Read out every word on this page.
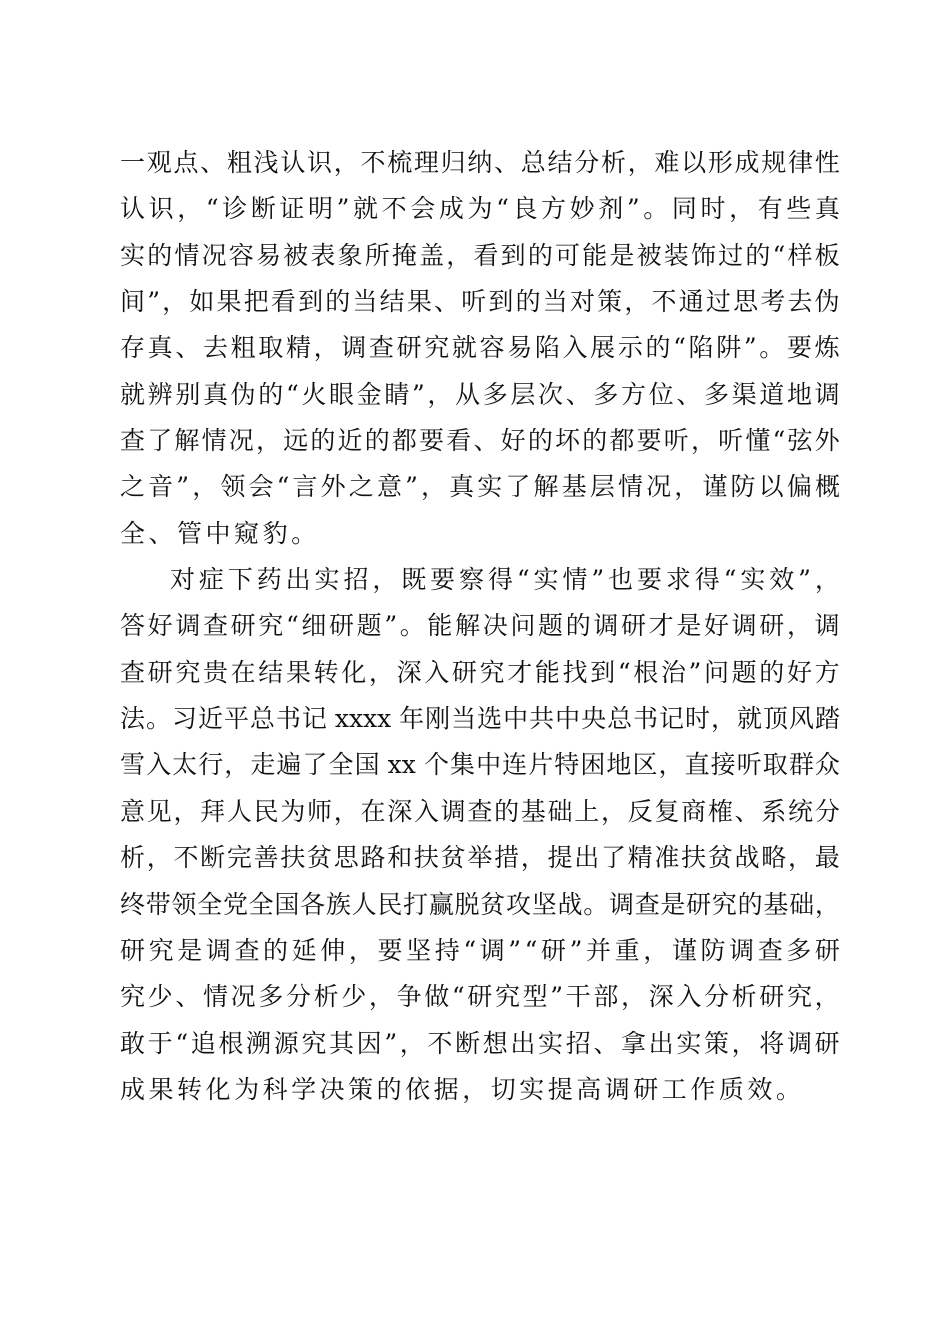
一 观 点 、 粗 浅 认 识 ， 不 梳 理 归 纳 、 总 结 分 析 ， 难 以 形 成 规 律 性
认 识 ， “ 诊 断 证 明 ” 就 不 会 成 为 “ 良 方 妙 剂 ” 。 同 时 ， 有 些 真
实 的 情 况 容 易 被 表 象 所 掩 盖 ， 看 到 的 可 能 是 被 装 饰 过 的 “ 样 板
间 ” ， 如 果 把 看 到 的 当 结 果 、 听 到 的 当 对 策 ， 不 通 过 思 考 去 伪
存 真 、 去 粗 取 精 ， 调 查 研 究 就 容 易 陷 入 展 示 的 “ 陷 阱 ” 。 要 炼
就 辨 别 真 伪 的 “ 火 眼 金 睛 ” ， 从 多 层 次 、 多 方 位 、 多 渠 道 地 调
查 了 解 情 况 ， 远 的 近 的 都 要 看 、 好 的 坏 的 都 要 听 ， 听 懂 “ 弦 外
之 音 ” ， 领 会 “ 言 外 之 意 ” ， 真 实 了 解 基 层 情 况 ， 谨 防 以 偏 概
全 、 管 中 窥 豹 。
对 症 下 药 出 实 招 ， 既 要 察 得 “ 实 情 ” 也 要 求 得 “ 实 效 ” ，
答 好 调 查 研 究 “ 细 研 题 ” 。 能 解 决 问 题 的 调 研 才 是 好 调 研 ， 调
查 研 究 贵 在 结 果 转 化 ， 深 入 研 究 才 能 找 到 “ 根 治 ” 问 题 的 好 方
法 。 习 近 平 总 书 记
xxxx
年 刚 当 选 中 共 中 央 总 书 记 时 ， 就 顶 风 踏
雪 入 太 行 ， 走 遍 了 全 国
xx
个 集 中 连 片 特 困 地 区 ， 直 接 听 取 群 众
意 见 ， 拜 人 民 为 师 ， 在 深 入 调 查 的 基 础 上 ， 反 复 商 榷 、 系 统 分
析 ， 不 断 完 善 扶 贫 思 路 和 扶 贫 举 措 ， 提 出 了 精 准 扶 贫 战 略 ， 最
终 带 领 全 党 全 国 各 族 人 民 打 赢 脱 贫 攻 坚 战 。 调 查 是 研 究 的 基 础 ，
研 究 是 调 查 的 延 伸 ， 要 坚 持 “ 调 ” “ 研 ” 并 重 ， 谨 防 调 查 多 研
究 少 、 情 况 多 分 析 少 ， 争 做 “ 研 究 型 ” 干 部 ， 深 入 分 析 研 究 ，
敢 于 “ 追 根 溯 源 究 其 因 ” ， 不 断 想 出 实 招 、 拿 出 实 策 ， 将 调 研
成 果 转 化 为 科 学 决 策 的 依 据 ， 切 实 提 高 调 研 工 作 质 效 。
